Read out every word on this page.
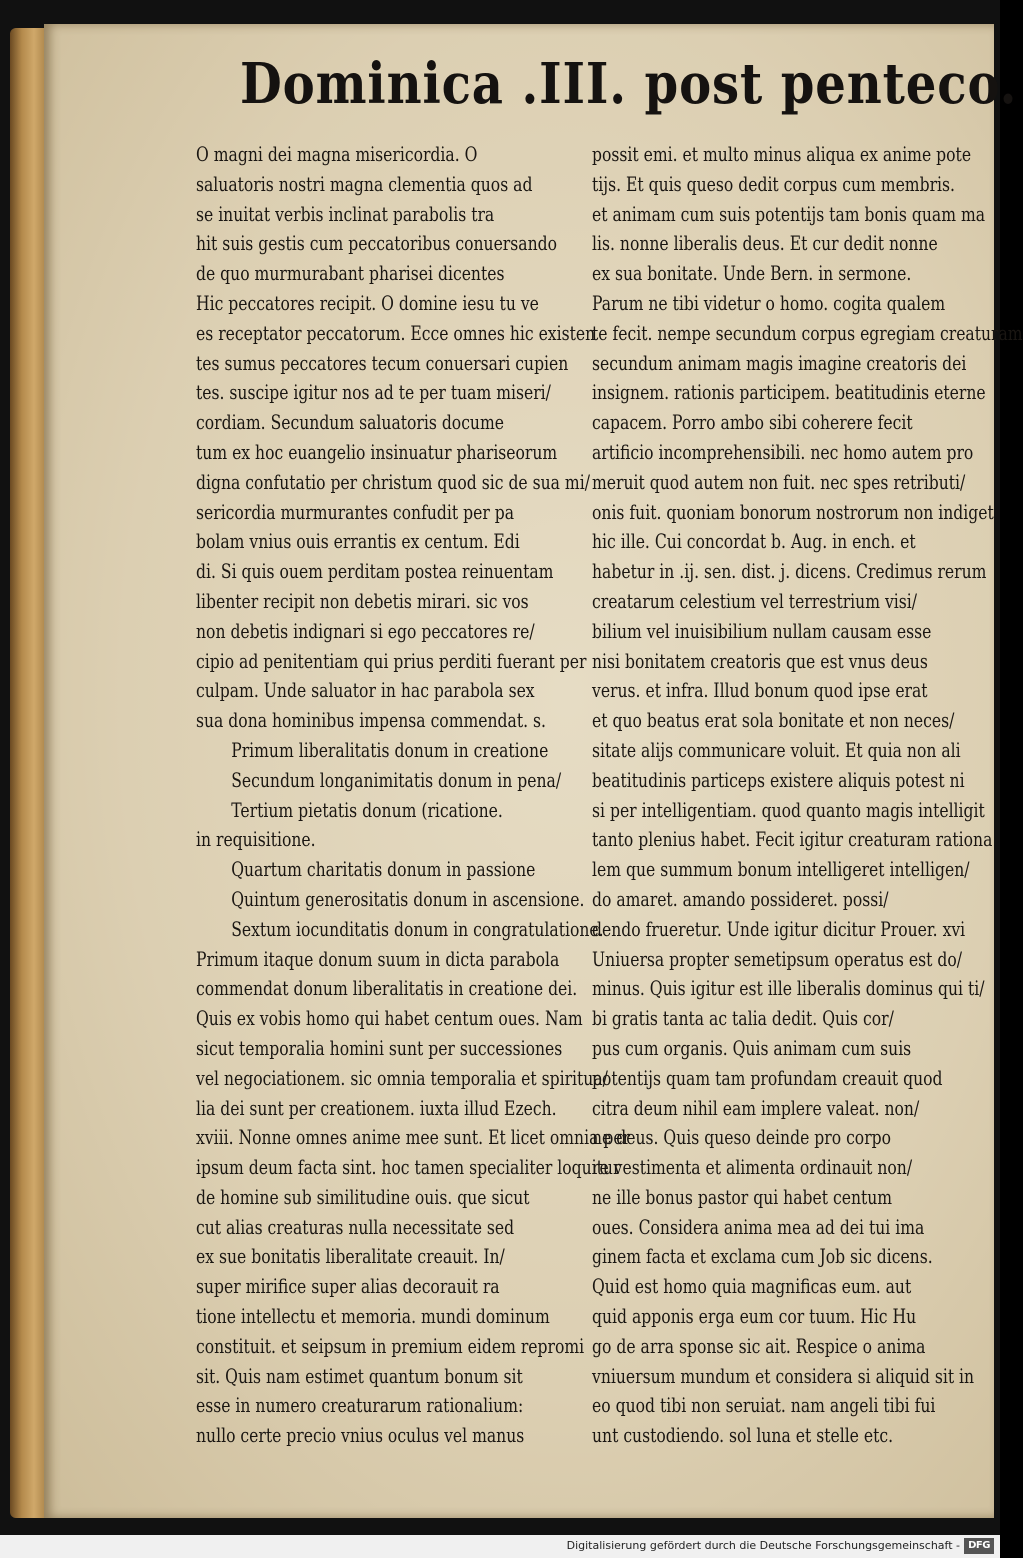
Dominica .III. post penteco.
O magni dei magna misericordia. O
saluatoris nostri magna clementia quos ad
se inuitat verbis inclinat parabolis tra
hit suis gestis cum peccatoribus conuersando
de quo murmurabant pharisei dicentes
Hic peccatores recipit. O domine iesu tu ve
es receptator peccatorum. Ecce omnes hic existen
tes sumus peccatores tecum conuersari cupien
tes. suscipe igitur nos ad te per tuam miseri/
cordiam. Secundum saluatoris docume
tum ex hoc euangelio insinuatur phariseorum
digna confutatio per christum quod sic de sua mi/
sericordia murmurantes confudit per pa
bolam vnius ouis errantis ex centum. Edi
di. Si quis ouem perditam postea reinuentam
libenter recipit non debetis mirari. sic vos
non debetis indignari si ego peccatores re/
cipio ad penitentiam qui prius perditi fuerant per
culpam. Unde saluator in hac parabola sex
sua dona hominibus impensa commendat. s.
Primum liberalitatis donum in creatione
Secundum longanimitatis donum in pena/
Tertium pietatis donum (ricatione.
in requisitione.
Quartum charitatis donum in passione
Quintum generositatis donum in ascensione.
Sextum iocunditatis donum in congratulatione.
Primum itaque donum suum in dicta parabola
commendat donum liberalitatis in creatione dei.
Quis ex vobis homo qui habet centum oues. Nam
sicut temporalia homini sunt per successiones
vel negociationem. sic omnia temporalia et spiritua/
lia dei sunt per creationem. iuxta illud Ezech.
xviii. Nonne omnes anime mee sunt. Et licet omnia per
ipsum deum facta sint. hoc tamen specialiter loquitur
de homine sub similitudine ouis. que sicut
cut alias creaturas nulla necessitate sed
ex sue bonitatis liberalitate creauit. In/
super mirifice super alias decorauit ra
tione intellectu et memoria. mundi dominum
constituit. et seipsum in premium eidem repromi
sit. Quis nam estimet quantum bonum sit
esse in numero creaturarum rationalium:
nullo certe precio vnius oculus vel manus
possit emi. et multo minus aliqua ex anime pote
tijs. Et quis queso dedit corpus cum membris.
et animam cum suis potentijs tam bonis quam ma
lis. nonne liberalis deus. Et cur dedit nonne
ex sua bonitate. Unde Bern. in sermone.
Parum ne tibi videtur o homo. cogita qualem
te fecit. nempe secundum corpus egregiam creaturam
secundum animam magis imagine creatoris dei
insignem. rationis participem. beatitudinis eterne
capacem. Porro ambo sibi coherere fecit
artificio incomprehensibili. nec homo autem pro
meruit quod autem non fuit. nec spes retributi/
onis fuit. quoniam bonorum nostrorum non indiget
hic ille. Cui concordat b. Aug. in ench. et
habetur in .ij. sen. dist. j. dicens. Credimus rerum
creatarum celestium vel terrestrium visi/
bilium vel inuisibilium nullam causam esse
nisi bonitatem creatoris que est vnus deus
verus. et infra. Illud bonum quod ipse erat
et quo beatus erat sola bonitate et non neces/
sitate alijs communicare voluit. Et quia non ali
beatitudinis particeps existere aliquis potest ni
si per intelligentiam. quod quanto magis intelligit
tanto plenius habet. Fecit igitur creaturam rationa
lem que summum bonum intelligeret intelligen/
do amaret. amando possideret. possi/
dendo frueretur. Unde igitur dicitur Prouer. xvi
Uniuersa propter semetipsum operatus est do/
minus. Quis igitur est ille liberalis dominus qui ti/
bi gratis tanta ac talia dedit. Quis cor/
pus cum organis. Quis animam cum suis
potentijs quam tam profundam creauit quod
citra deum nihil eam implere valeat. non/
ne deus. Quis queso deinde pro corpo
re vestimenta et alimenta ordinauit non/
ne ille bonus pastor qui habet centum
oues. Considera anima mea ad dei tui ima
ginem facta et exclama cum Job sic dicens.
Quid est homo quia magnificas eum. aut
quid apponis erga eum cor tuum. Hic Hu
go de arra sponse sic ait. Respice o anima
vniuersum mundum et considera si aliquid sit in
eo quod tibi non seruiat. nam angeli tibi fui
unt custodiendo. sol luna et stelle etc.
Digitalisierung gefördert durch die Deutsche Forschungsgemeinschaft - DFG
